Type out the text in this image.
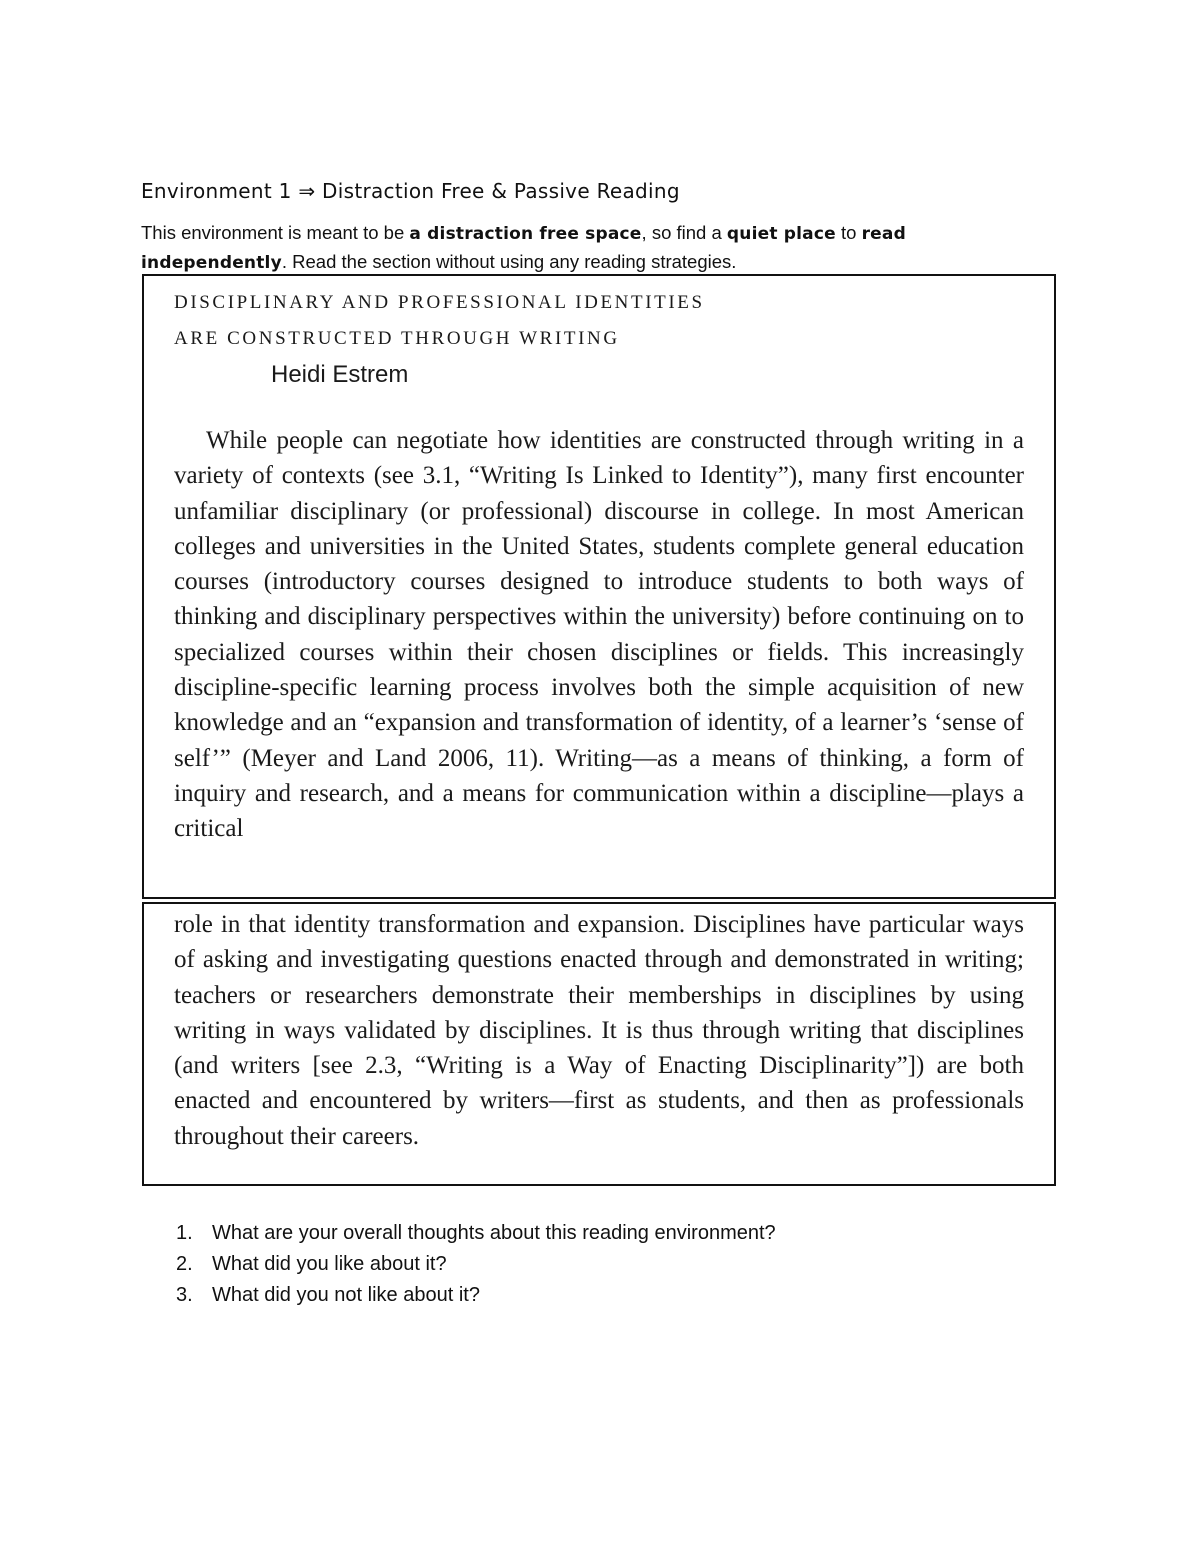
Environment 1 ⇒ Distraction Free & Passive Reading

This environment is meant to be a distraction free space, so find a quiet place to read independently. Read the section without using any reading strategies.

DISCIPLINARY AND PROFESSIONAL IDENTITIES
ARE CONSTRUCTED THROUGH WRITING
Heidi Estrem

While people can negotiate how identities are constructed through writing in a variety of contexts (see 3.1, “Writing Is Linked to Identity”), many first encounter unfamiliar disciplinary (or professional) discourse in college. In most American colleges and universities in the United States, students complete general education courses (introductory courses designed to introduce students to both ways of thinking and disciplinary perspectives within the university) before continuing on to specialized courses within their chosen disciplines or fields. This increasingly discipline-specific learning process involves both the simple acquisition of new knowledge and an “expansion and transformation of identity, of a learner’s ‘sense of self’” (Meyer and Land 2006, 11). Writing—as a means of thinking, a form of inquiry and research, and a means for communication within a discipline—plays a critical

role in that identity transformation and expansion. Disciplines have particular ways of asking and investigating questions enacted through and demonstrated in writing; teachers or researchers demonstrate their memberships in disciplines by using writing in ways validated by disciplines. It is thus through writing that disciplines (and writers [see 2.3, “Writing is a Way of Enacting Disciplinarity”]) are both enacted and encountered by writers—first as students, and then as professionals throughout their careers.

1. What are your overall thoughts about this reading environment?
2. What did you like about it?
3. What did you not like about it?
